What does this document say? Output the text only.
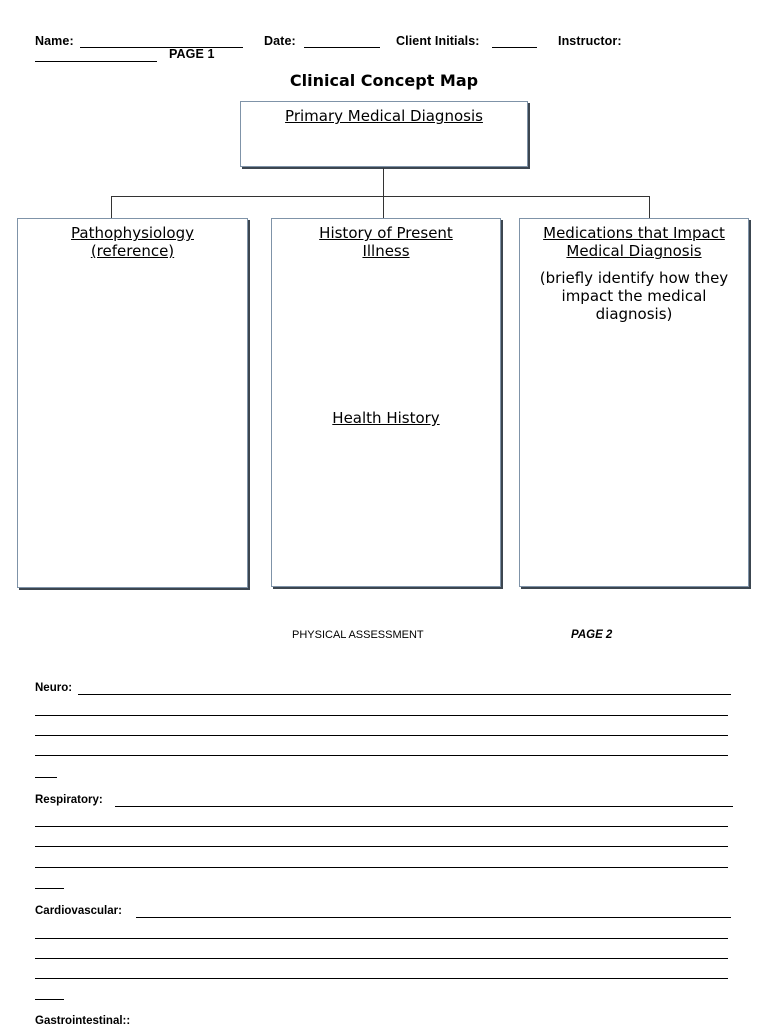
Name:	Date:	Client Initials:	Instructor:
PAGE 1
Clinical Concept Map
Primary Medical Diagnosis
Pathophysiology (reference)
History of Present Illness
Health History
Medications that Impact Medical Diagnosis
(briefly identify how they impact the medical diagnosis)
PHYSICAL ASSESSMENT	PAGE 2
Neuro:
Respiratory:
Cardiovascular:
Gastrointestinal::
